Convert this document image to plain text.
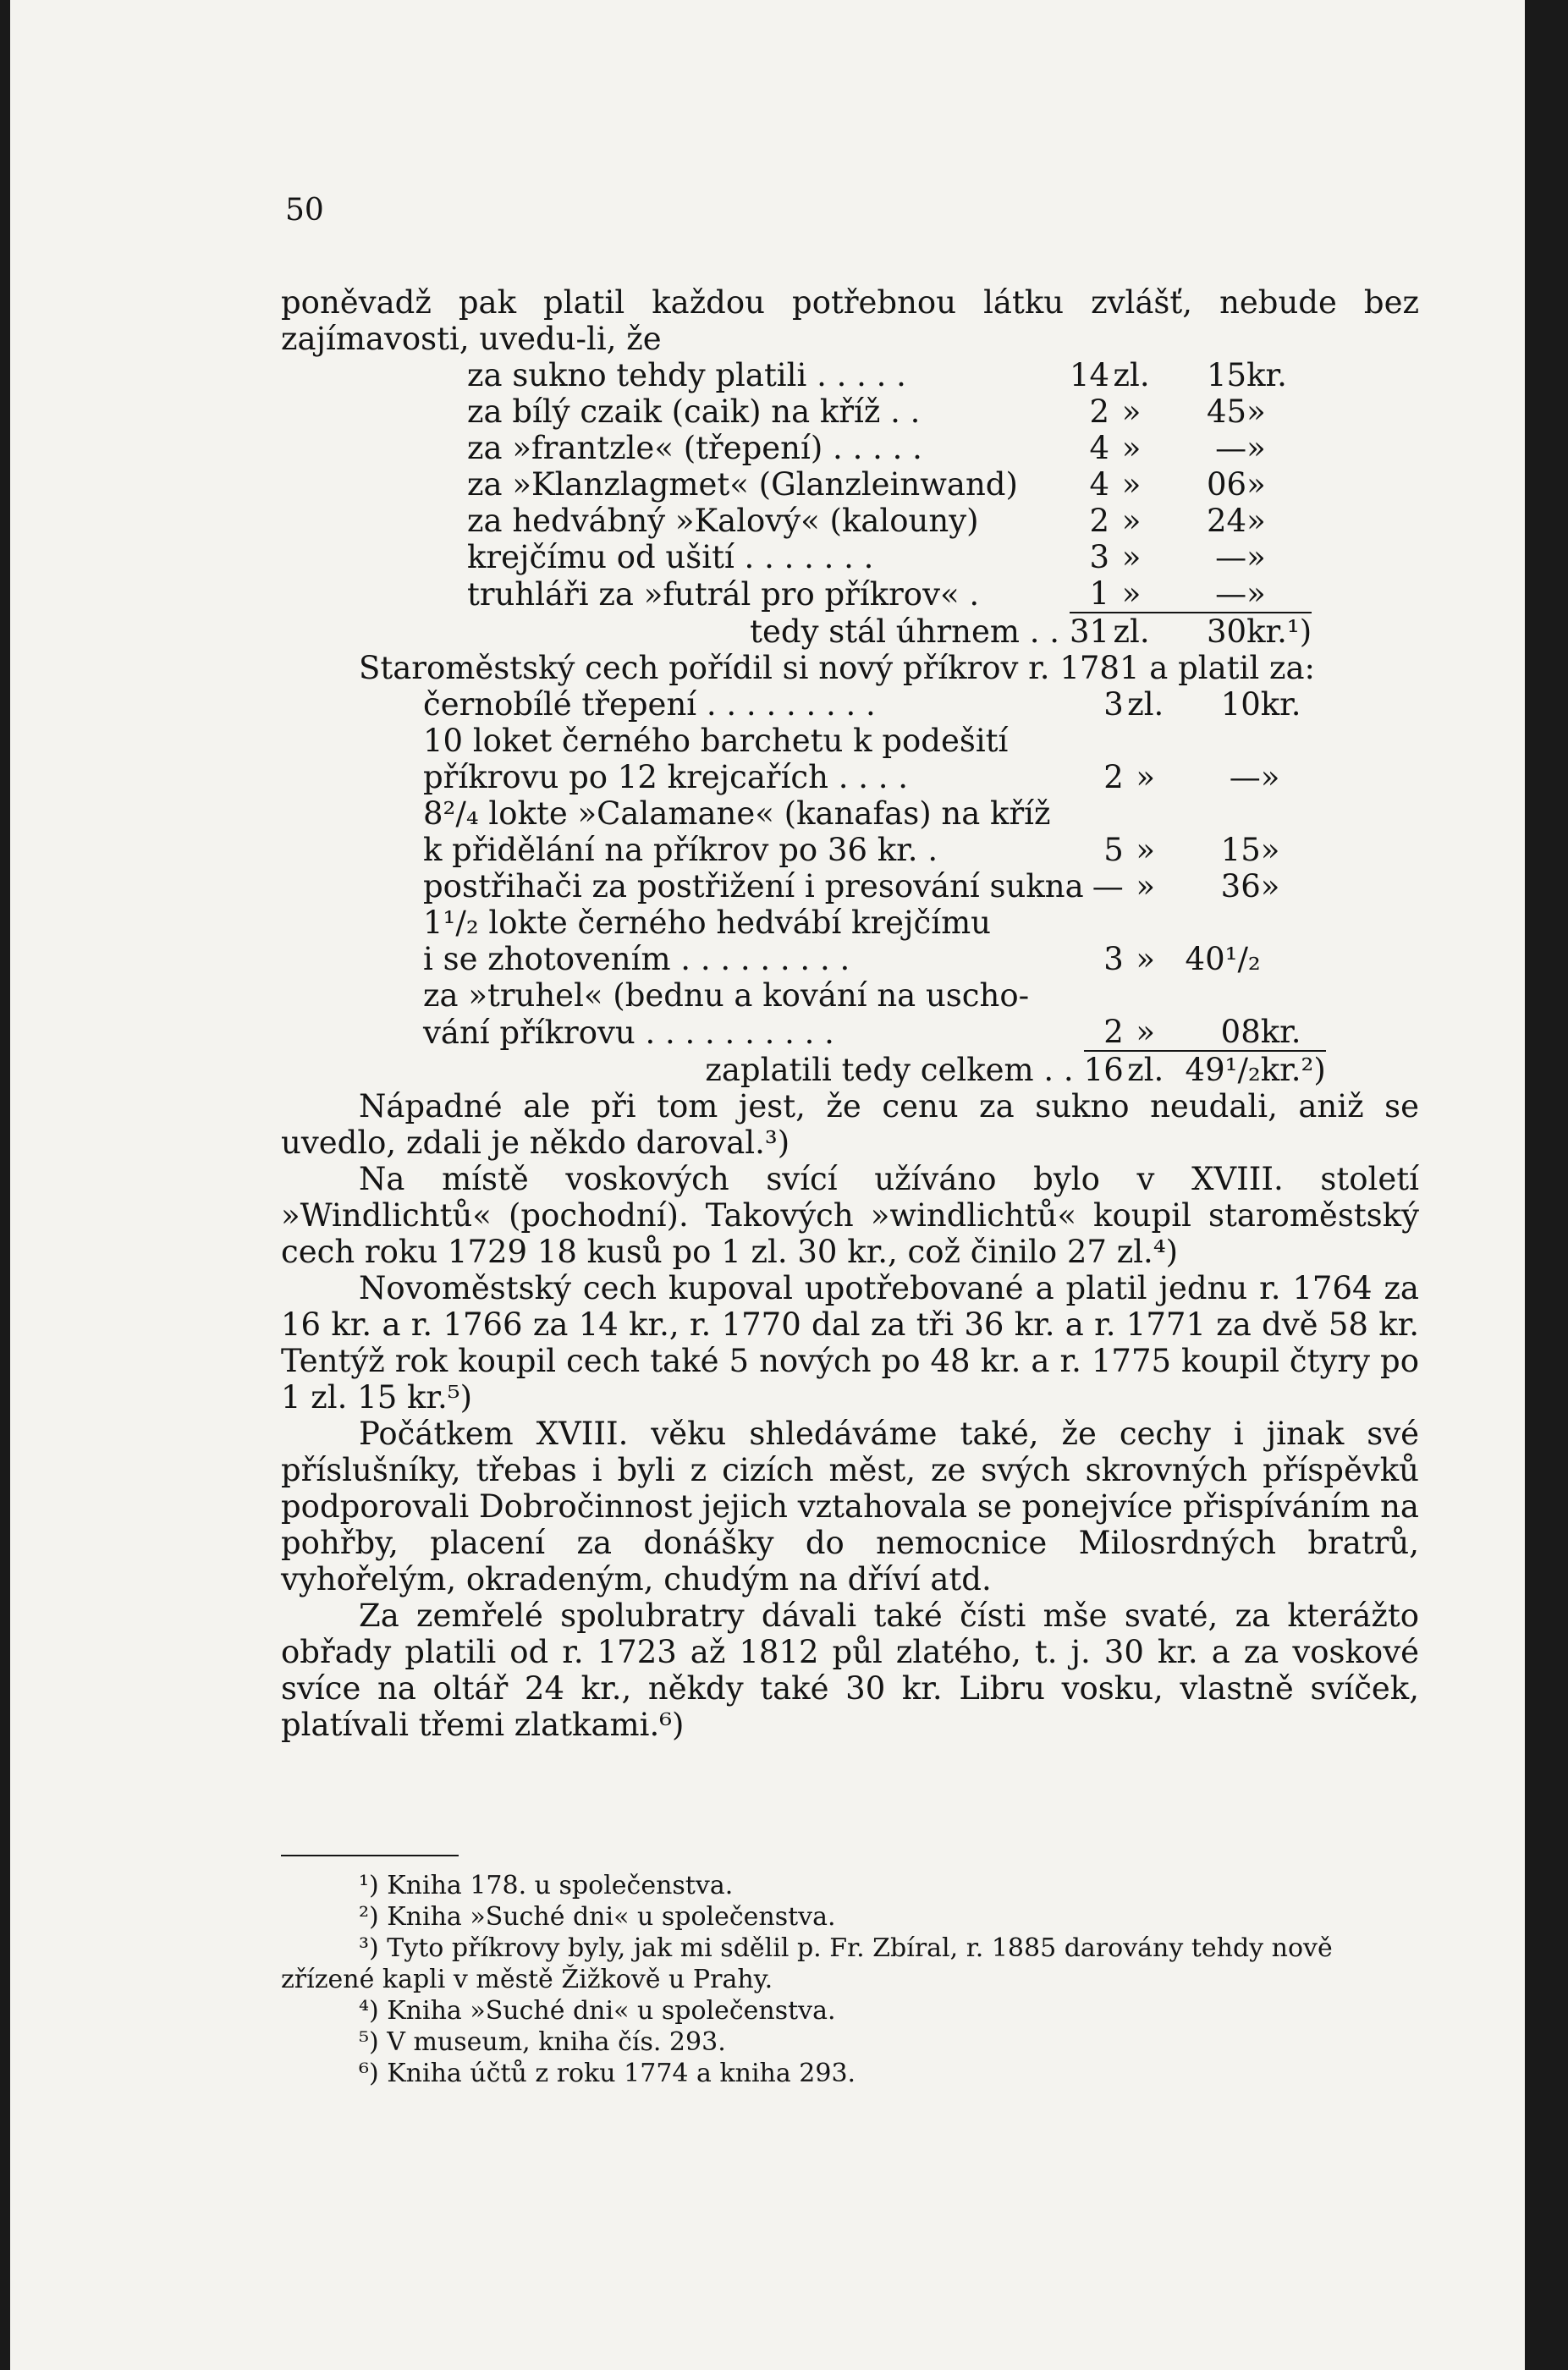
50

poněvadž pak platil každou potřebnou látku zvlášť, nebude bez zajímavosti, uvedu-li, že

za sukno tehdy platili . . . . .	14	zl.	15	kr.
za bílý czaik (caik) na kříž . .	2	»	45	»
za »frantzle« (třepení) . . . . .	4	»	—	»
za »Klanzlagmet« (Glanzleinwand)	4	»	06	»
za hedvábný »Kalový« (kalouny)	2	»	24	»
krejčímu od ušití . . . . . . .	3	»	—	»
truhláři za »futrál pro příkrov« .	1	»	—	»
tedy stál úhrnem . .	31	zl.	30	kr.¹)

Staroměstský cech pořídil si nový příkrov r. 1781 a platil za:

černobílé třepení . . . . . . . . .	3	zl.	10	kr.
10 loket černého barchetu k podešití				
příkrovu po 12 krejcařích . . . .	2	»	—	»
8²/₄ lokte »Calamane« (kanafas) na kříž				
k přidělání na příkrov po 36 kr. .	5	»	15	»
postřihači za postřižení i presování sukna	—	»	36	»
1¹/₂ lokte černého hedvábí krejčímu				
i se zhotovením . . . . . . . . .	3	»	40¹/₂	
za »truhel« (bednu a kování na uscho-				
vání příkrovu . . . . . . . . . .	2	»	08	kr.
zaplatili tedy celkem . .	16	zl.	49¹/₂	kr.²)

Nápadné ale při tom jest, že cenu za sukno neudali, aniž se uvedlo, zdali je někdo daroval.³)

Na místě voskových svící užíváno bylo v XVIII. století »Windlichtů« (pochodní). Takových »windlichtů« koupil staroměstský cech roku 1729 18 kusů po 1 zl. 30 kr., což činilo 27 zl.⁴)

Novoměstský cech kupoval upotřebované a platil jednu r. 1764 za 16 kr. a r. 1766 za 14 kr., r. 1770 dal za tři 36 kr. a r. 1771 za dvě 58 kr. Tentýž rok koupil cech také 5 nových po 48 kr. a r. 1775 koupil čtyry po 1 zl. 15 kr.⁵)

Počátkem XVIII. věku shledáváme také, že cechy i jinak své příslušníky, třebas i byli z cizích měst, ze svých skrovných příspěvků podporovali Dobročinnost jejich vztahovala se ponejvíce přispíváním na pohřby, placení za donášky do nemocnice Milosrdných bratrů, vyhořelým, okradeným, chudým na dříví atd.

Za zemřelé spolubratry dávali také čísti mše svaté, za kterážto obřady platili od r. 1723 až 1812 půl zlatého, t. j. 30 kr. a za voskové svíce na oltář 24 kr., někdy také 30 kr. Libru vosku, vlastně svíček, platívali třemi zlatkami.⁶)

¹) Kniha 178. u společenstva.

²) Kniha »Suché dni« u společenstva.

³) Tyto příkrovy byly, jak mi sdělil p. Fr. Zbíral, r. 1885 darovány tehdy nově zřízené kapli v městě Žižkově u Prahy.

⁴) Kniha »Suché dni« u společenstva.

⁵) V museum, kniha čís. 293.

⁶) Kniha účtů z roku 1774 a kniha 293.
